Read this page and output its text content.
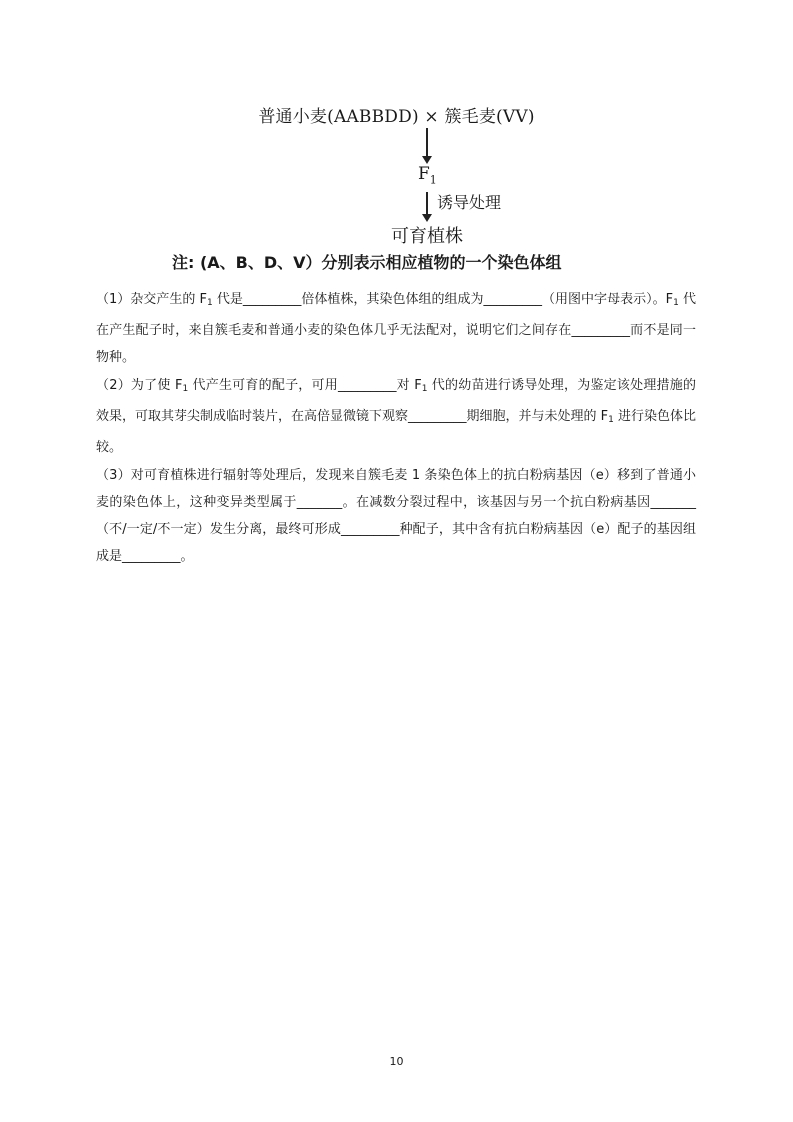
普通小麦(AABBDD) × 簇毛麦(VV)
$F_1$
诱导处理
可育植株
注: (A、B、D、V）分别表示相应植物的一个染色体组

（1）杂交产生的 F1 代是_________倍体植株，其染色体组的组成为_________（用图中字母表示）。F1 代在产生配子时，来自簇毛麦和普通小麦的染色体几乎无法配对，说明它们之间存在_________而不是同一物种。

（2）为了使 F1 代产生可育的配子，可用_________对 F1 代的幼苗进行诱导处理，为鉴定该处理措施的效果，可取其芽尖制成临时装片，在高倍显微镜下观察_________期细胞，并与未处理的 F1 进行染色体比较。

（3）对可育植株进行辐射等处理后，发现来自簇毛麦 1 条染色体上的抗白粉病基因（e）移到了普通小麦的染色体上，这种变异类型属于_______。在减数分裂过程中，该基因与另一个抗白粉病基因_______（不/一定/不一定）发生分离，最终可形成_________种配子，其中含有抗白粉病基因（e）配子的基因组成是_________。

10
